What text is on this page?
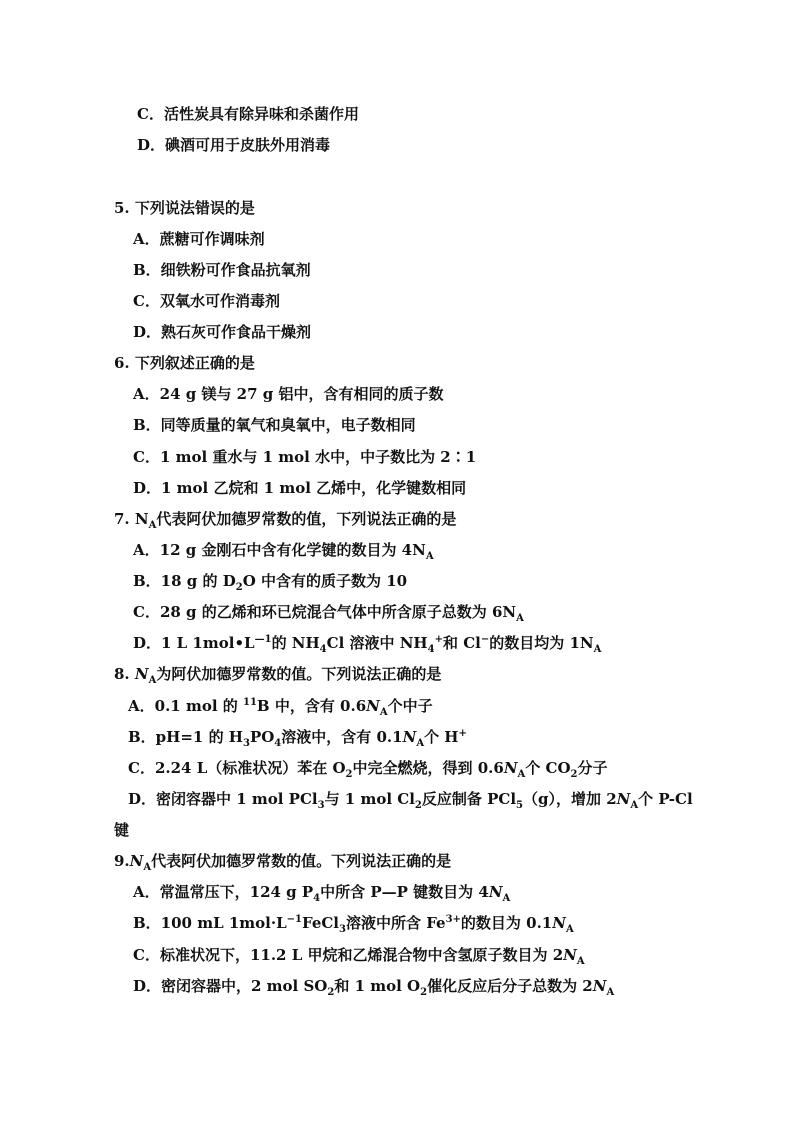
C．活性炭具有除异味和杀菌作用
D．碘酒可用于皮肤外用消毒
5. 下列说法错误的是
A．蔗糖可作调味剂
B．细铁粉可作食品抗氧剂
C．双氧水可作消毒剂
D．熟石灰可作食品干燥剂
6. 下列叙述正确的是
A．24 g 镁与 27 g 铝中，含有相同的质子数
B．同等质量的氧气和臭氧中，电子数相同
C．1 mol 重水与 1 mol 水中，中子数比为 2∶1
D．1 mol 乙烷和 1 mol 乙烯中，化学键数相同
7. $N_A$代表阿伏加德罗常数的值，下列说法正确的是
A．12 g 金刚石中含有化学键的数目为 $4N_A$
B．18 g 的 $D_2O$ 中含有的质子数为 10
C．28 g 的乙烯和环已烷混合气体中所含原子总数为 $6N_A$
D．1 L $1mol•L^{—1}$的 $NH_4Cl$ 溶液中 $NH_4^+$和 Cl−的数目均为 $1N_A$
8. $N_A$为阿伏加德罗常数的值。下列说法正确的是
A．0.1 mol 的 $^{11}$B 中，含有 $0.6N_A$个中子
B．pH=1 的 $H_3PO_4$溶液中，含有 $0.1N_A$个 H+
C．2.24 L（标准状况）苯在 $O_2$中完全燃烧，得到 $0.6N_A$个 $CO_2$分子
D．密闭容器中 1 mol PCl$_3$与 1 mol $Cl_2$反应制备 PCl$_5$（g），增加 $2N_A$个 P-Cl
键
$9.N_A$代表阿伏加德罗常数的值。下列说法正确的是
A．常温常压下，124 g $P_4$中所含 P—P 键数目为 $4N_A$
B．100 mL $1mol\cdot L^{-1}FeCl_3$溶液中所含 $Fe^{3+}$的数目为 $0.1N_A$
C．标准状况下，11.2 L 甲烷和乙烯混合物中含氢原子数目为 $2N_A$
D．密闭容器中，2 mol $SO_2$和 1 mol $O_2$催化反应后分子总数为 $2N_A$
